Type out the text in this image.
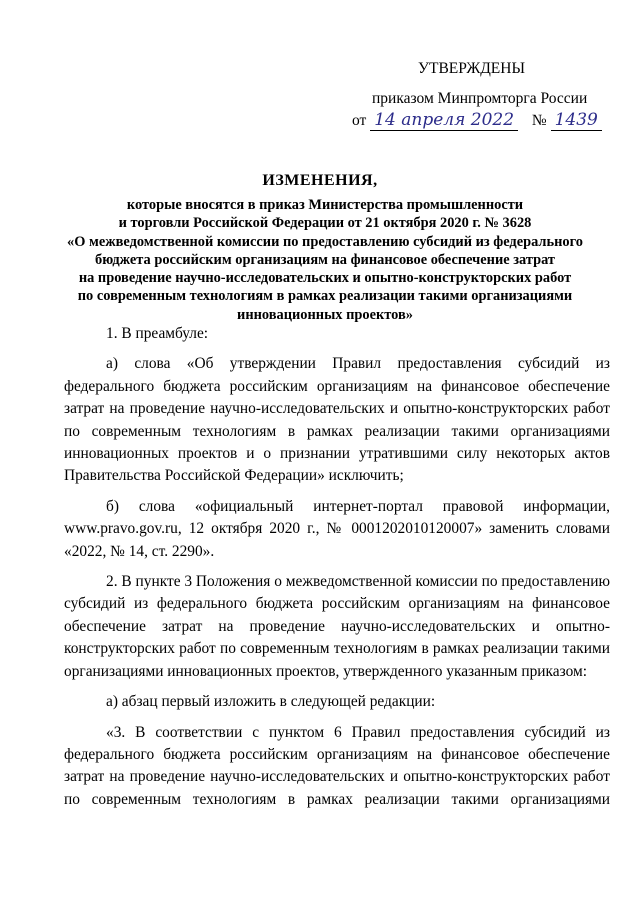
УТВЕРЖДЕНЫ
приказом Минпромторга России
от 14 апреля 2022 № 1439
ИЗМЕНЕНИЯ,
которые вносятся в приказ Министерства промышленности
и торговли Российской Федерации от 21 октября 2020 г. № 3628
«О межведомственной комиссии по предоставлению субсидий из федерального
бюджета российским организациям на финансовое обеспечение затрат
на проведение научно-исследовательских и опытно-конструкторских работ
по современным технологиям в рамках реализации такими организациями
инновационных проектов»

1. В преамбуле:

а) слова «Об утверждении Правил предоставления субсидий из федерального бюджета российским организациям на финансовое обеспечение затрат на проведение научно-исследовательских и опытно-конструкторских работ по современным технологиям в рамках реализации такими организациями инновационных проектов и о признании утратившими силу некоторых актов Правительства Российской Федерации» исключить;

б) слова «официальный интернет-портал правовой информации, www.pravo.gov.ru, 12 октября 2020 г., № 0001202010120007» заменить словами «2022, № 14, ст. 2290».

2. В пункте 3 Положения о межведомственной комиссии по предоставлению субсидий из федерального бюджета российским организациям на финансовое обеспечение затрат на проведение научно-исследовательских и опытно-конструкторских работ по современным технологиям в рамках реализации такими организациями инновационных проектов, утвержденного указанным приказом:

а) абзац первый изложить в следующей редакции:

«3. В соответствии с пунктом 6 Правил предоставления субсидий из федерального бюджета российским организациям на финансовое обеспечение затрат на проведение научно-исследовательских и опытно-конструкторских работ по современным технологиям в рамках реализации такими организациями
